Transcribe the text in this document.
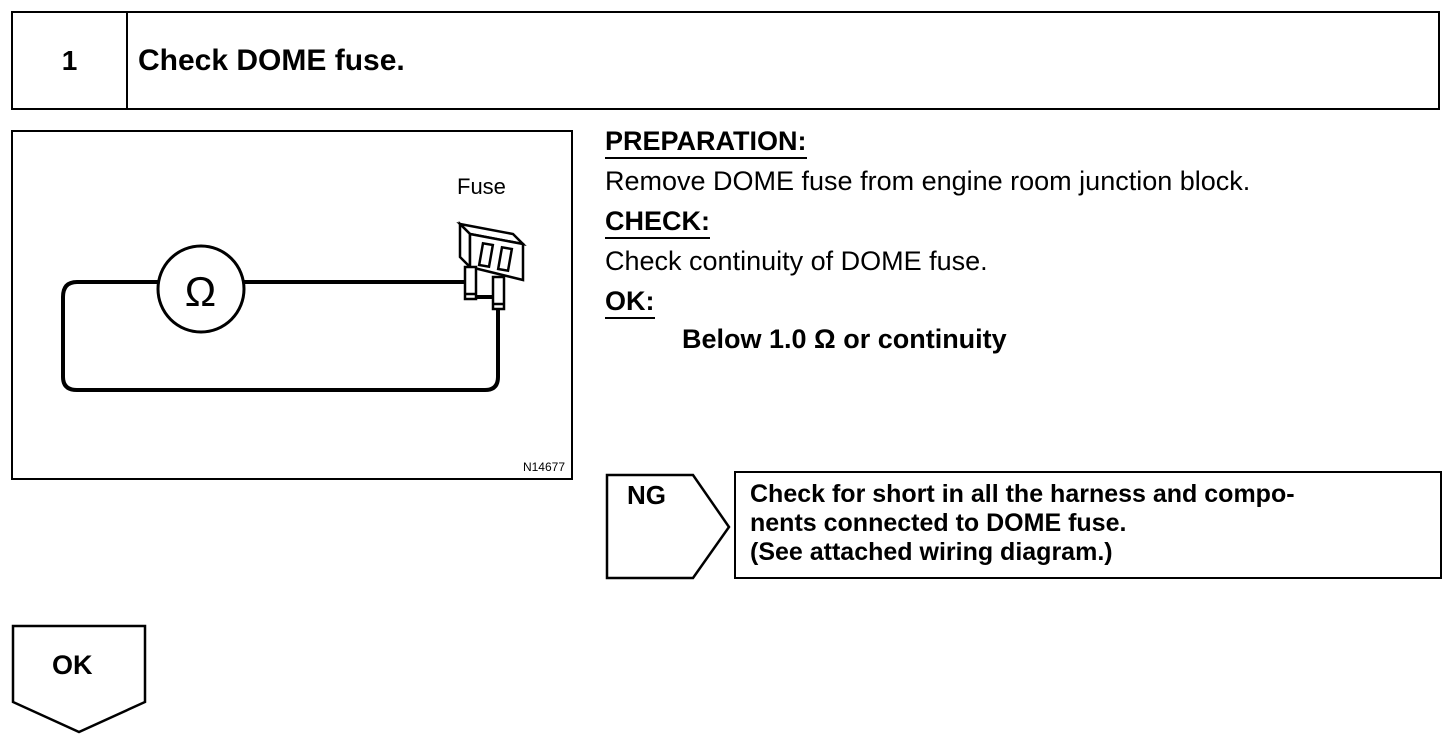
1	Check DOME fuse.
Fuse
Ω
N14677
PREPARATION:
Remove DOME fuse from engine room junction block.
CHECK:
Check continuity of DOME fuse.
OK:
Below 1.0 Ω or continuity
NG	Check for short in all the harness and compo-
nents connected to DOME fuse.
(See attached wiring diagram.)
OK
